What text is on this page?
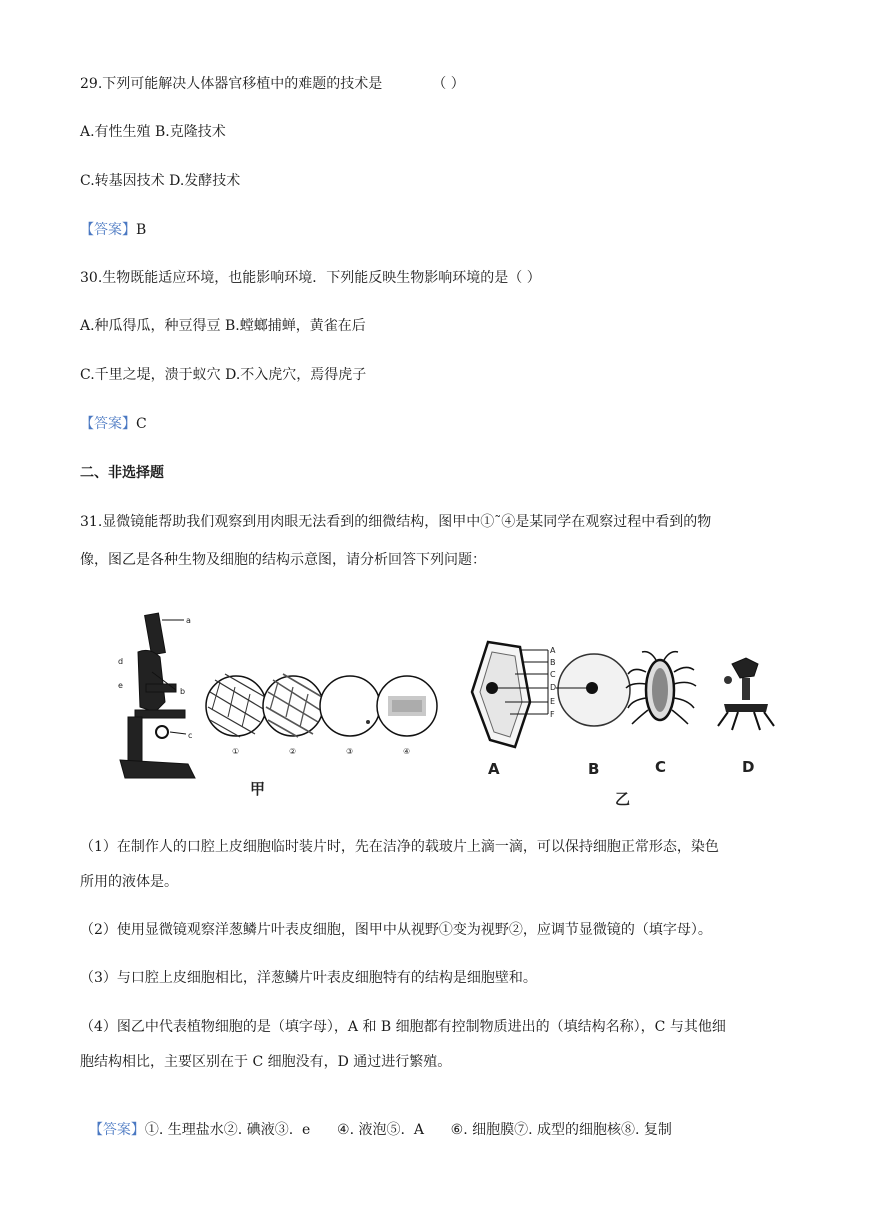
29.下列可能解决人体器官移植中的难题的技术是	（ ）
A.有性生殖 B.克隆技术
C.转基因技术 D.发酵技术
【答案】B
30.生物既能适应环境，也能影响环境．下列能反映生物影响环境的是（ ）
A.种瓜得瓜，种豆得豆 B.螳螂捕蝉，黄雀在后
C.千里之堤，溃于蚁穴 D.不入虎穴，焉得虎子
【答案】C
二、非选择题
31.显微镜能帮助我们观察到用肉眼无法看到的细微结构，图甲中①˜④是某同学在观察过程中看到的物
像，图乙是各种生物及细胞的结构示意图，请分析回答下列问题：
a
b
c
d
e
①	②	③	④
甲
A
B
C
D
E
F
A	B	C	D
乙
（1）在制作人的口腔上皮细胞临时装片时，先在洁净的载玻片上滴一滴，可以保持细胞正常形态，染色
所用的液体是。
（2）使用显微镜观察洋葱鳞片叶表皮细胞，图甲中从视野①变为视野②，应调节显微镜的（填字母）。
（3）与口腔上皮细胞相比，洋葱鳞片叶表皮细胞特有的结构是细胞壁和。
（4）图乙中代表植物细胞的是（填字母），A 和 B 细胞都有控制物质进出的（填结构名称），C 与其他细
胞结构相比，主要区别在于 C 细胞没有，D 通过进行繁殖。

【答案】①. 生理盐水②. 碘液③.  e      ④. 液泡⑤.  A      ⑥. 细胞膜⑦. 成型的细胞核⑧. 复制
